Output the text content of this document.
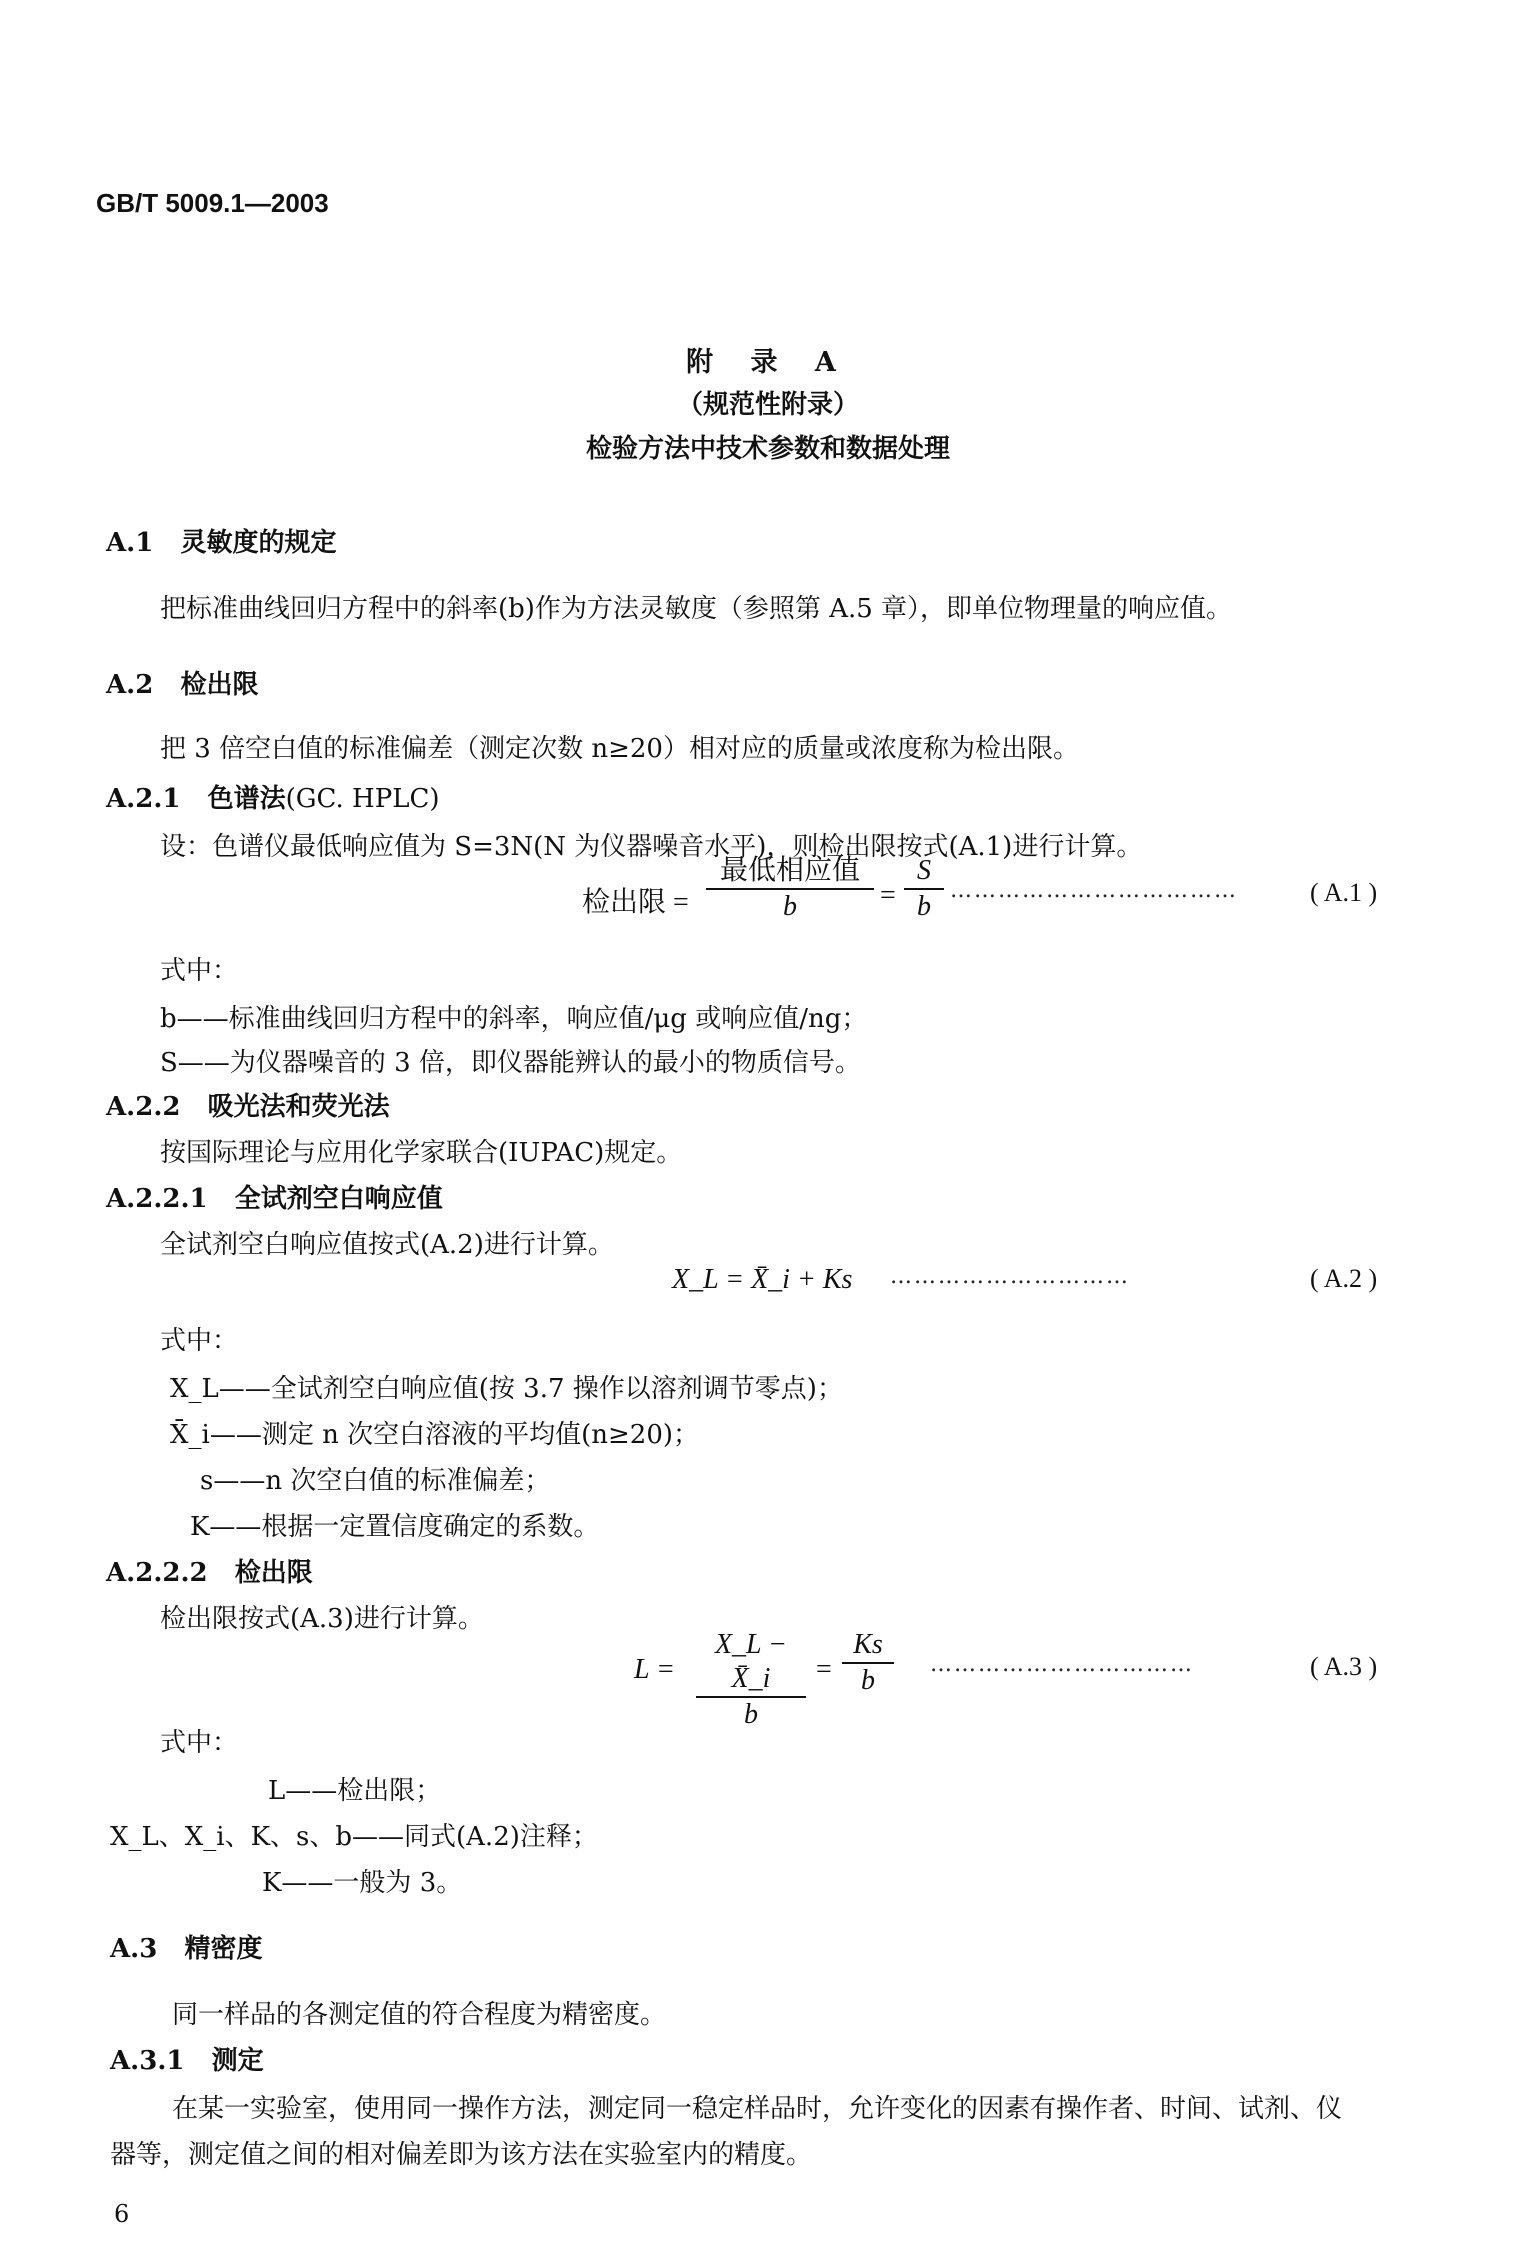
GB/T 5009.1—2003
附 录 A
（规范性附录）
检验方法中技术参数和数据处理
A.1 灵敏度的规定
把标准曲线回归方程中的斜率(b)作为方法灵敏度（参照第 A.5 章），即单位物理量的响应值。
A.2 检出限
把 3 倍空白值的标准偏差（测定次数 n≥20）相对应的质量或浓度称为检出限。
A.2.1 色谱法(GC. HPLC)
设：色谱仪最低响应值为 S=3N(N 为仪器噪音水平)，则检出限按式(A.1)进行计算。
检出限 =
最低相应值
b	= $\frac{S}{b}$ ………………………………	( A.1 )
式中：
b——标准曲线回归方程中的斜率，响应值/μg 或响应值/ng；
S——为仪器噪音的 3 倍，即仪器能辨认的最小的物质信号。
A.2.2 吸光法和荧光法
按国际理论与应用化学家联合(IUPAC)规定。
A.2.2.1 全试剂空白响应值
全试剂空白响应值按式(A.2)进行计算。
X_L = X̄_i + Ks …………………………	( A.2 )
式中：
X_L——全试剂空白响应值(按 3.7 操作以溶剂调节零点)；
X̄_i——测定 n 次空白溶液的平均值(n≥20)；
s——n 次空白值的标准偏差；
K——根据一定置信度确定的系数。
A.2.2.2 检出限
检出限按式(A.3)进行计算。
$L = \frac{X\_L - X̄\_i}{b} = \frac{Ks}{b}$ ……………………………	( A.3 )
式中：
L——检出限；
X_L、X_i、K、s、b——同式(A.2)注释；
K——一般为 3。
A.3 精密度
同一样品的各测定值的符合程度为精密度。
A.3.1 测定
在某一实验室，使用同一操作方法，测定同一稳定样品时，允许变化的因素有操作者、时间、试剂、仪
器等，测定值之间的相对偏差即为该方法在实验室内的精度。
6
